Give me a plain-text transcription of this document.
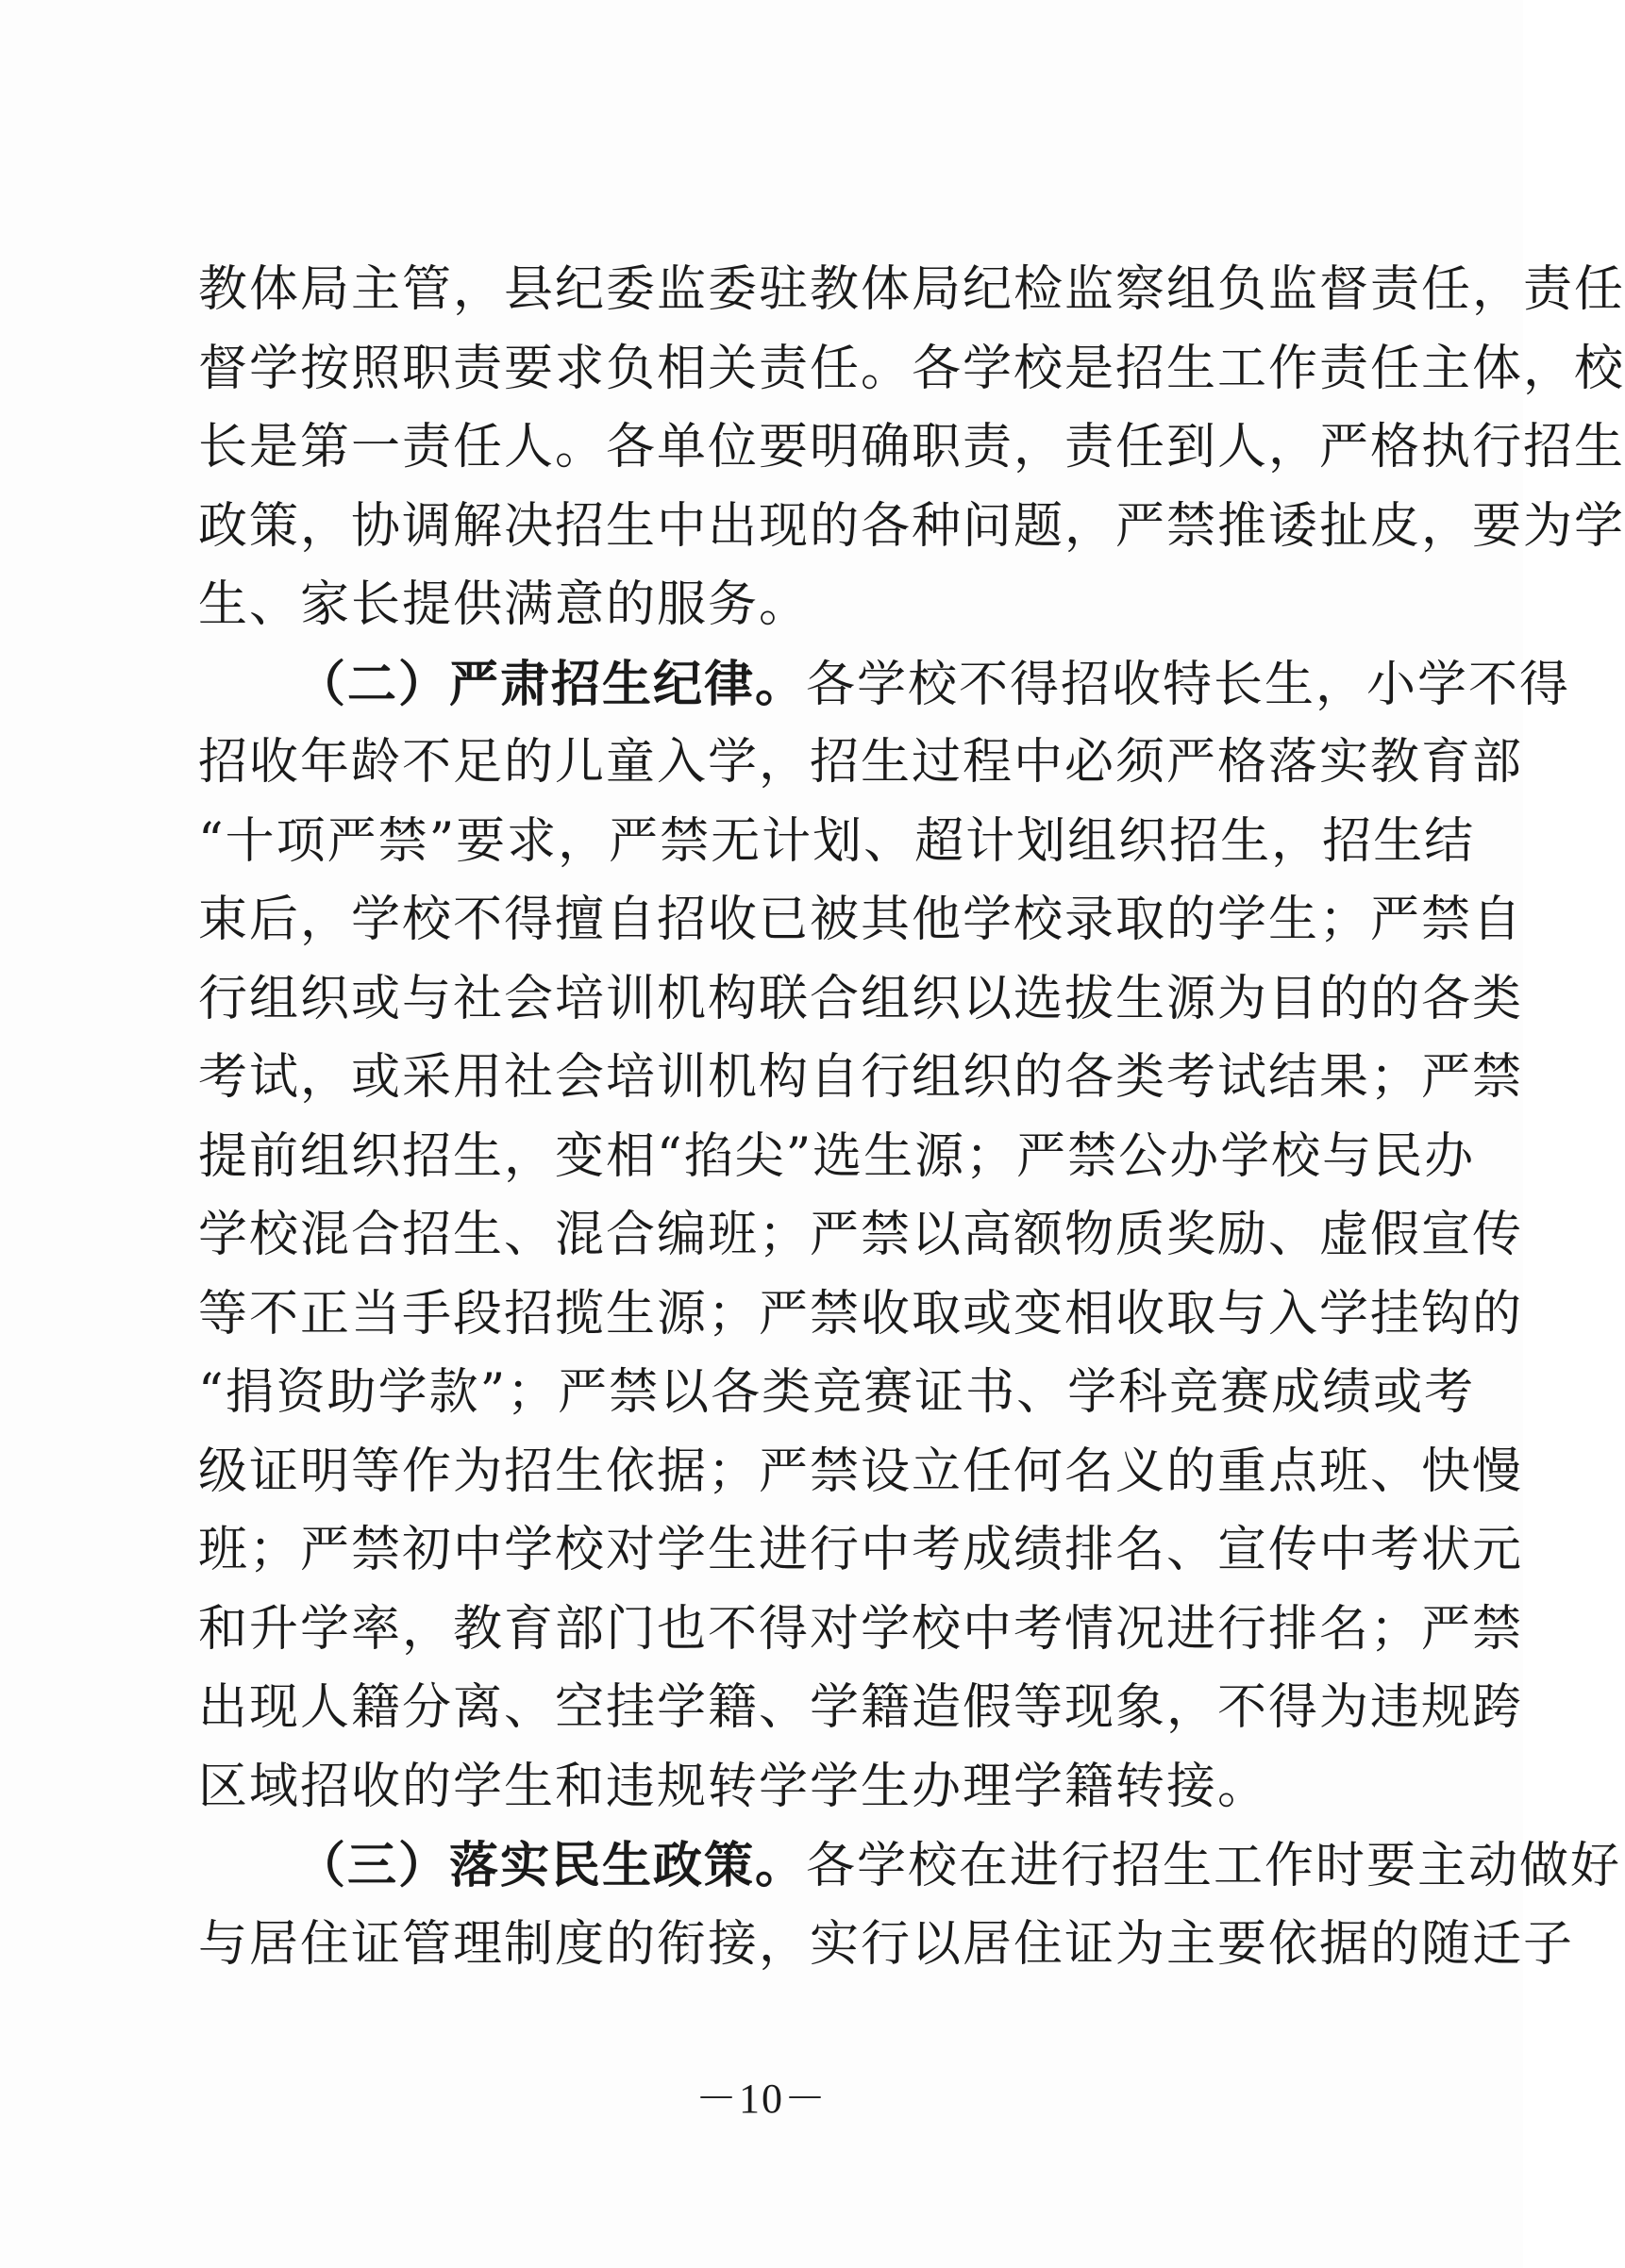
教体局主管，县纪委监委驻教体局纪检监察组负监督责任，责任
督学按照职责要求负相关责任。各学校是招生工作责任主体，校
长是第一责任人。各单位要明确职责，责任到人，严格执行招生
政策，协调解决招生中出现的各种问题，严禁推诿扯皮，要为学
生、家长提供满意的服务。
（二）严肃招生纪律。各学校不得招收特长生，小学不得
招收年龄不足的儿童入学，招生过程中必须严格落实教育部
“十项严禁”要求，严禁无计划、超计划组织招生，招生结
束后，学校不得擅自招收已被其他学校录取的学生；严禁自
行组织或与社会培训机构联合组织以选拔生源为目的的各类
考试，或采用社会培训机构自行组织的各类考试结果；严禁
提前组织招生，变相“掐尖”选生源；严禁公办学校与民办
学校混合招生、混合编班；严禁以高额物质奖励、虚假宣传
等不正当手段招揽生源；严禁收取或变相收取与入学挂钩的
“捐资助学款”；严禁以各类竞赛证书、学科竞赛成绩或考
级证明等作为招生依据；严禁设立任何名义的重点班、快慢
班；严禁初中学校对学生进行中考成绩排名、宣传中考状元
和升学率，教育部门也不得对学校中考情况进行排名；严禁
出现人籍分离、空挂学籍、学籍造假等现象，不得为违规跨
区域招收的学生和违规转学学生办理学籍转接。
（三）落实民生政策。各学校在进行招生工作时要主动做好
与居住证管理制度的衔接，实行以居住证为主要依据的随迁子
－10－
